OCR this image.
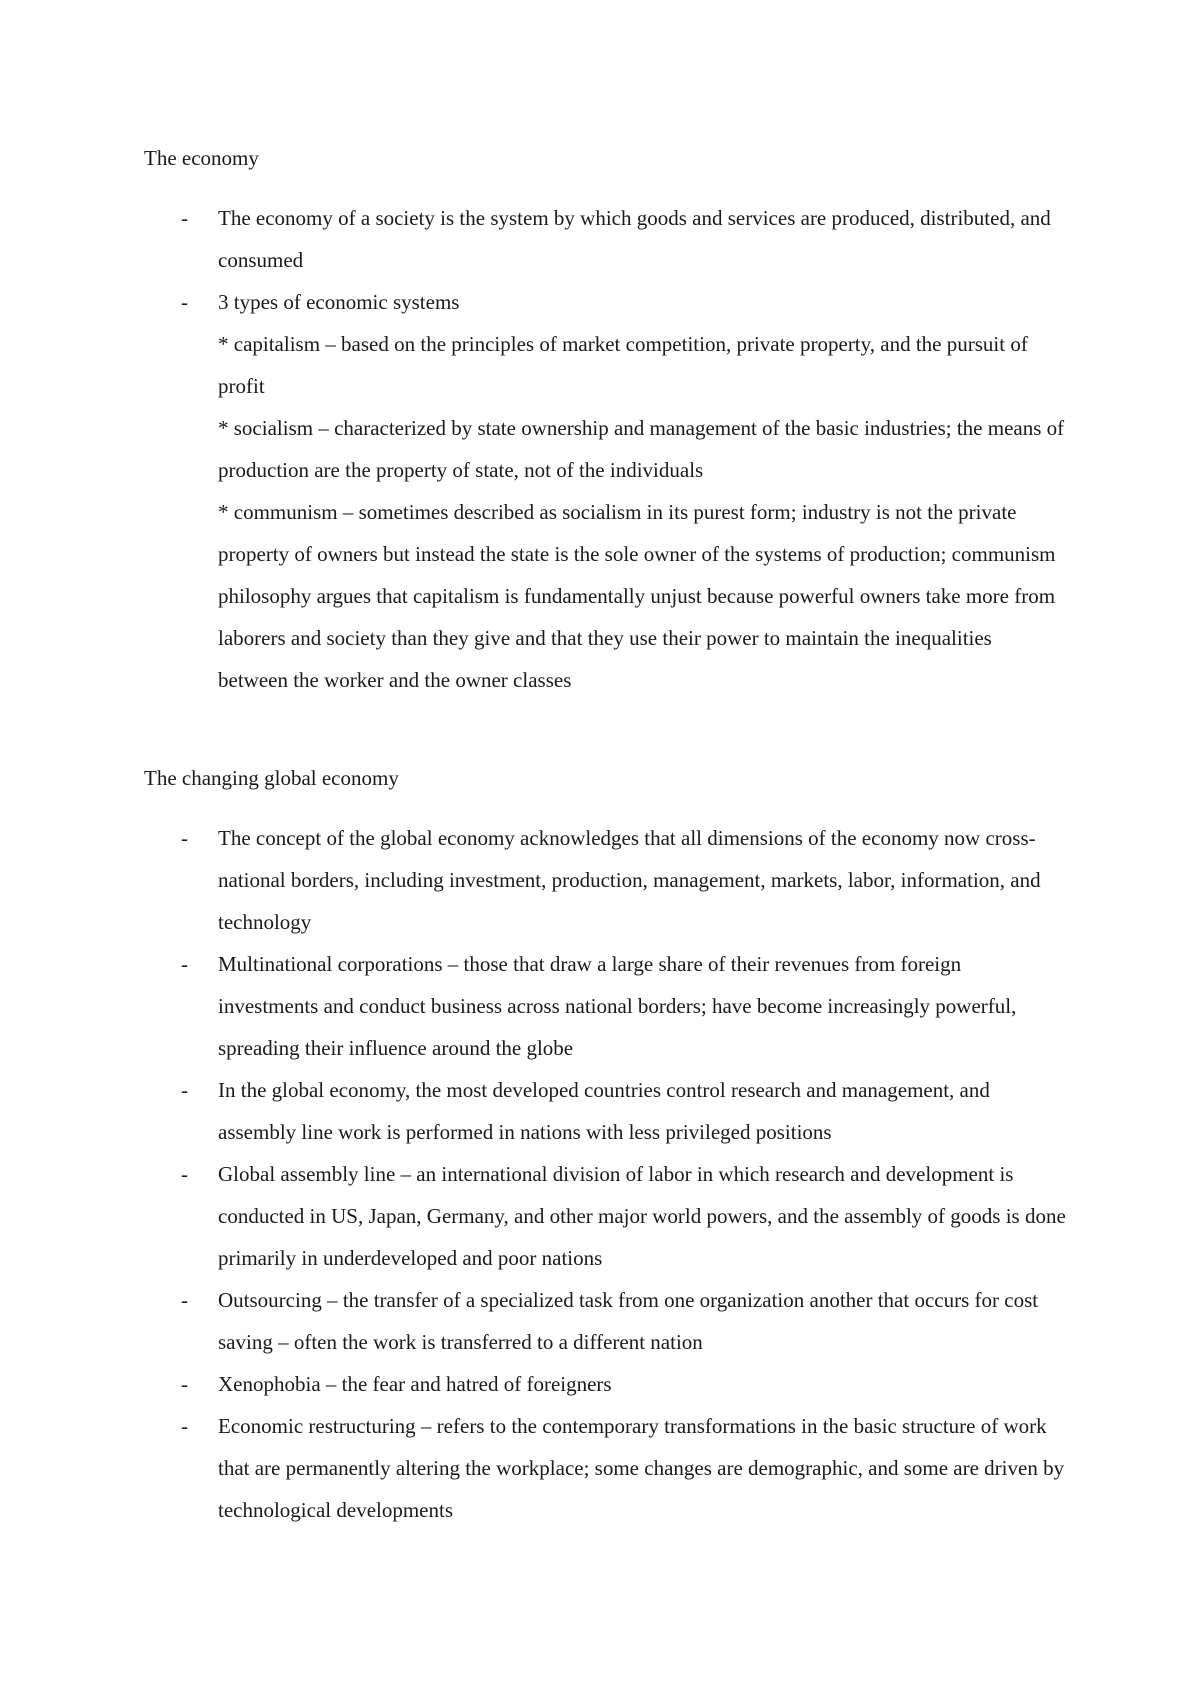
The economy
- The economy of a society is the system by which goods and services are produced, distributed, and consumed
- 3 types of economic systems
* capitalism – based on the principles of market competition, private property, and the pursuit of profit
* socialism – characterized by state ownership and management of the basic industries; the means of production are the property of state, not of the individuals
* communism – sometimes described as socialism in its purest form; industry is not the private property of owners but instead the state is the sole owner of the systems of production; communism philosophy argues that capitalism is fundamentally unjust because powerful owners take more from laborers and society than they give and that they use their power to maintain the inequalities between the worker and the owner classes
The changing global economy
- The concept of the global economy acknowledges that all dimensions of the economy now cross-national borders, including investment, production, management, markets, labor, information, and technology
- Multinational corporations – those that draw a large share of their revenues from foreign investments and conduct business across national borders; have become increasingly powerful, spreading their influence around the globe
- In the global economy, the most developed countries control research and management, and assembly line work is performed in nations with less privileged positions
- Global assembly line – an international division of labor in which research and development is conducted in US, Japan, Germany, and other major world powers, and the assembly of goods is done primarily in underdeveloped and poor nations
- Outsourcing – the transfer of a specialized task from one organization another that occurs for cost saving – often the work is transferred to a different nation
- Xenophobia – the fear and hatred of foreigners
- Economic restructuring – refers to the contemporary transformations in the basic structure of work that are permanently altering the workplace; some changes are demographic, and some are driven by technological developments
